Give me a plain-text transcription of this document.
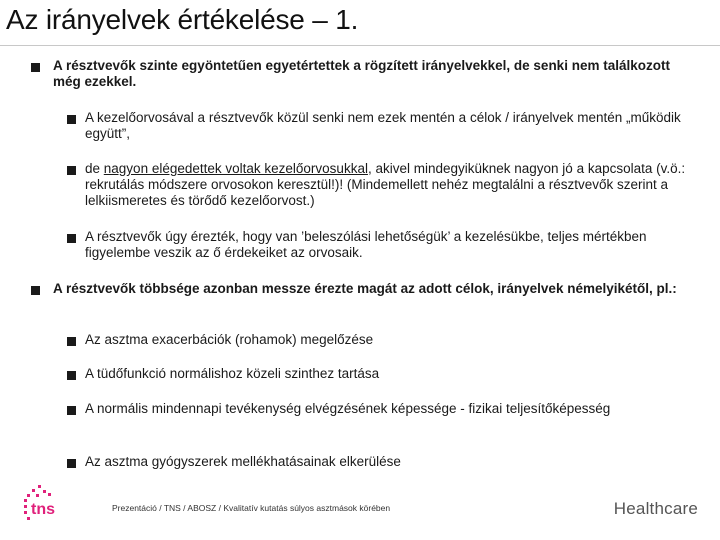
Az irányelvek értékelése – 1.
A résztvevők szinte egyöntetűen egyetértettek a rögzített irányelvekkel, de senki nem találkozott még ezekkel.
A kezelőorvosával a résztvevők közül senki nem ezek mentén a célok / irányelvek mentén „működik együtt”,
de nagyon elégedettek voltak kezelőorvosukkal, akivel mindegyiküknek nagyon jó a kapcsolata (v.ö.: rekrutálás módszere orvosokon keresztül!)! (Mindemellett nehéz megtalálni a résztvevők szerint a lelkiismeretes és törődő kezelőorvost.)
A résztvevők úgy érezték, hogy van ’beleszólási lehetőségük’ a kezelésükbe, teljes mértékben figyelembe veszik az ő érdekeiket az orvosaik.
A résztvevők többsége azonban messze érezte magát az adott célok, irányelvek némelyikétől, pl.:
Az asztma exacerbációk (rohamok) megelőzése
A tüdőfunkció normálishoz közeli szinthez tartása
A normális mindennapi tevékenység elvégzésének képessége - fizikai teljesítőképesség
Az asztma gyógyszerek mellékhatásainak elkerülése
tns	Prezentáció / TNS / ABOSZ / Kvalitatív kutatás súlyos asztmások körében	Healthcare
